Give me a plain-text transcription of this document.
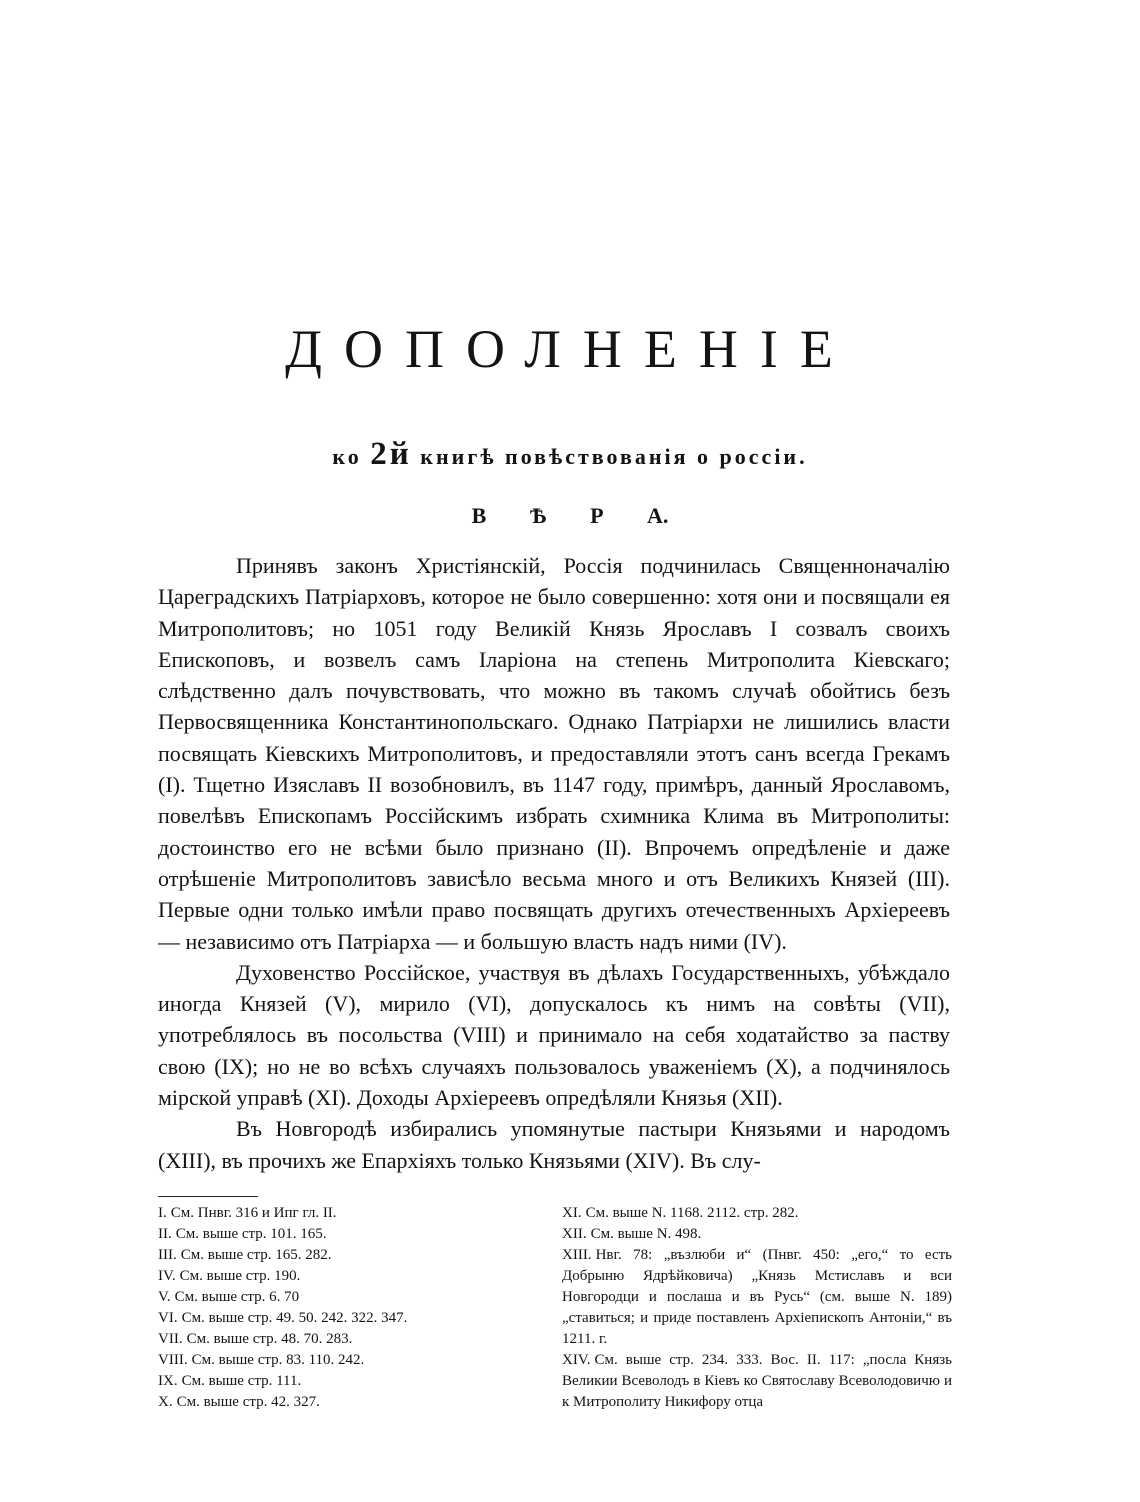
ДОПОЛНЕНІЕ
ко 2й книгѣ повѣствованія о россіи.
В Ѣ Р А.

Принявъ законъ Христіянскій, Россія подчинилась Священноначалію Цареградскихъ Патріарховъ, которое не было совершенно: хотя они и посвящали ея Митрополитовъ; но 1051 году Великій Князь Ярославъ I созвалъ своихъ Епископовъ, и возвелъ самъ Іларіона на степень Митрополита Кіевскаго; слѣдственно далъ почувствовать, что можно въ такомъ случаѣ обойтись безъ Первосвященника Константинопольскаго. Однако Патріархи не лишились власти посвящать Кіевскихъ Митрополитовъ, и предоставляли этотъ санъ всегда Грекамъ (I). Тщетно Изяславъ II возобновилъ, въ 1147 году, примѣръ, данный Ярославомъ, повелѣвъ Епископамъ Россійскимъ избрать схимника Клима въ Митрополиты: достоинство его не всѣми было признано (II). Впрочемъ опредѣленіе и даже отрѣшеніе Митрополитовъ зависѣло весьма много и отъ Великихъ Князей (III). Первые одни только имѣли право посвящать другихъ отечественныхъ Архіереевъ — независимо отъ Патріарха — и большую власть надъ ними (IV).

Духовенство Россійское, участвуя въ дѣлахъ Государственныхъ, убѣждало иногда Князей (V), мирило (VI), допускалось къ нимъ на совѣты (VII), употреблялось въ посольства (VIII) и принимало на себя ходатайство за паству свою (IX); но не во всѣхъ случаяхъ пользовалось уваженіемъ (X), а подчинялось мірской управѣ (XI). Доходы Архіереевъ опредѣляли Князья (XII).

Въ Новгородѣ избирались упомянутые пастыри Князьями и народомъ (XIII), въ прочихъ же Епархіяхъ только Князьями (XIV). Въ слу-

I. См. Пнвг. 316 и Ипг гл. II.

II. См. выше стр. 101. 165.

III. См. выше стр. 165. 282.

IV. См. выше стр. 190.

V. См. выше стр. 6. 70

VI. См. выше стр. 49. 50. 242. 322. 347.

VII. См. выше стр. 48. 70. 283.

VIII. См. выше стр. 83. 110. 242.

IX. См. выше стр. 111.

X. См. выше стр. 42. 327.

XI. См. выше N. 1168. 2112. стр. 282.

XII. См. выше N. 498.

XIII. Нвг. 78: „възлюби и“ (Пнвг. 450: „его,“ то есть Добрыню Ядрѣйковича) „Князь Мстиславъ и вси Новгородци и послаша и въ Русь“ (см. выше N. 189) „ставиться; и приде поставленъ Архіепископъ Антоніи,“ въ 1211. г.

XIV. См. выше стр. 234. 333. Вос. II. 117: „посла Князь Великии Всеволодъ в Кіевъ ко Святославу Всеволодовичю и к Митрополиту Никифору отца
